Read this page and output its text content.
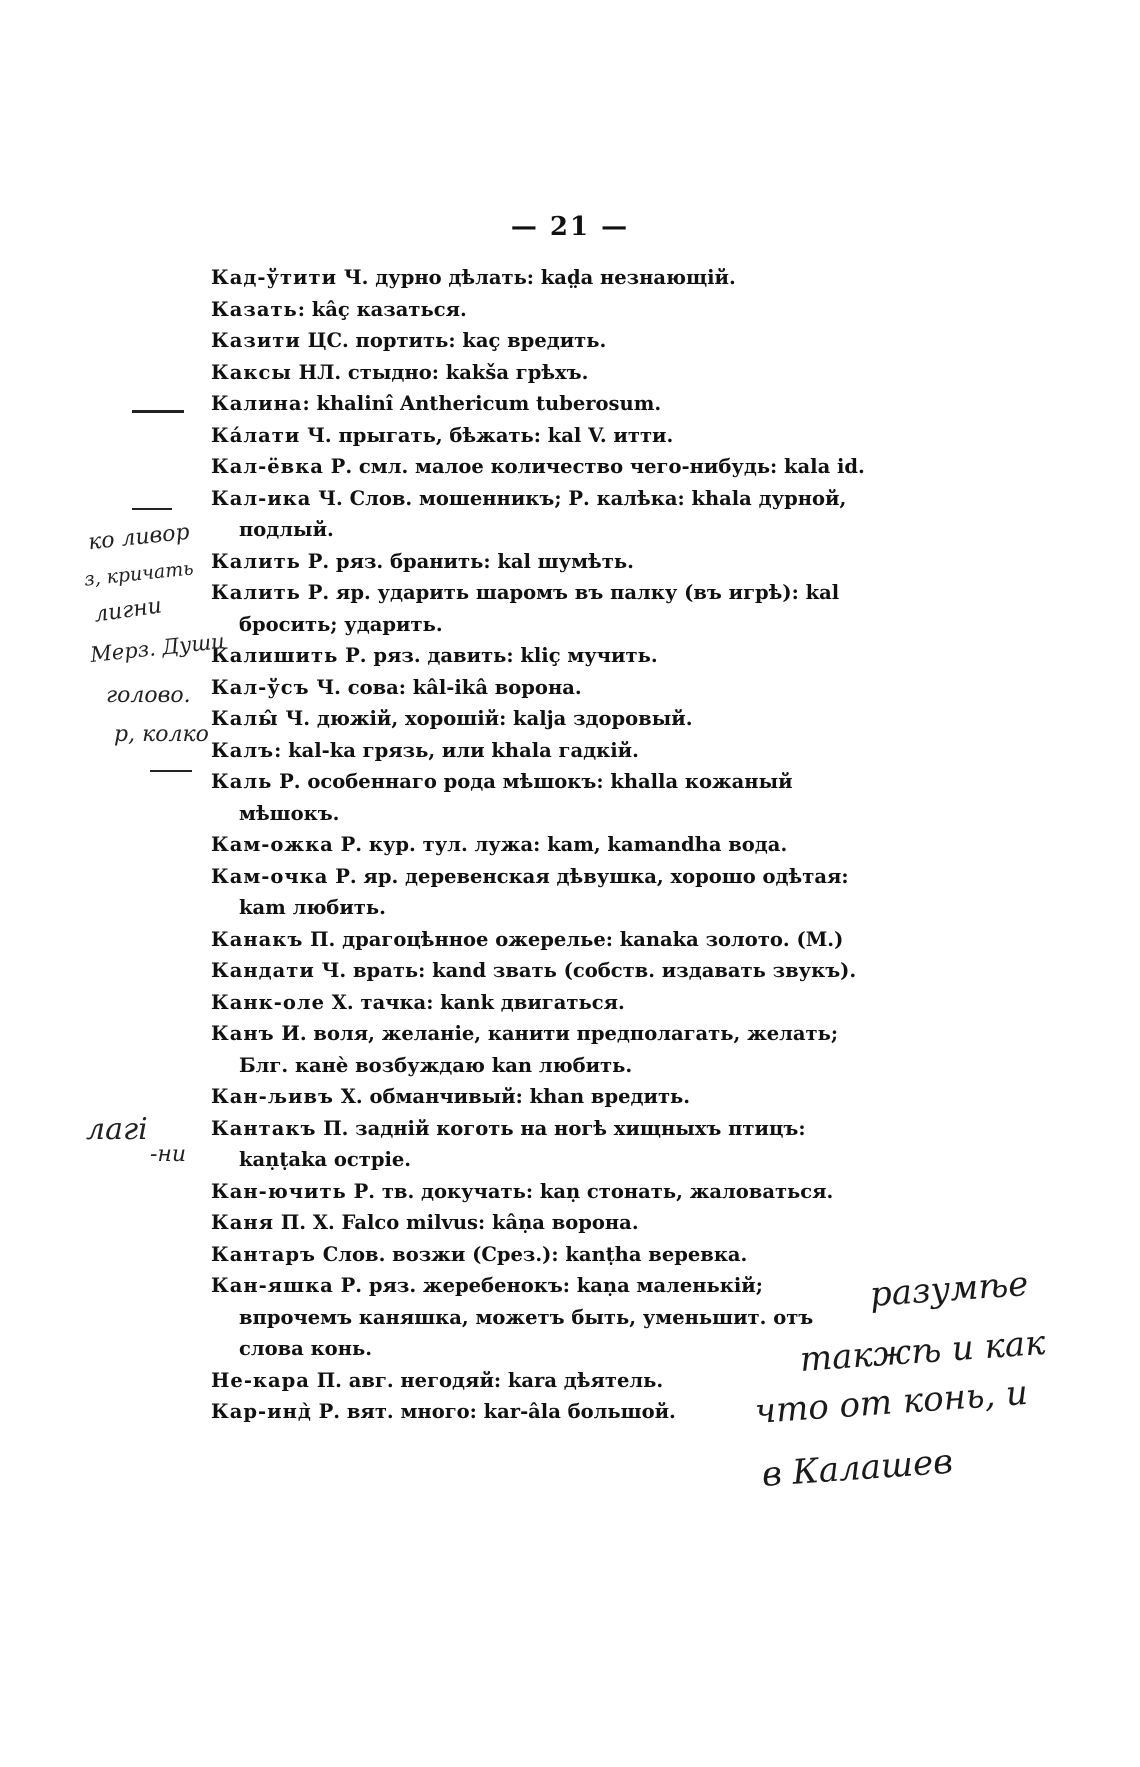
— 21 —
Кад-ўтити Ч. дурно дѣлать: kad̤a незнающій.
Казать: kâç казаться.
Казити ЦС. портить: kaç вредить.
Каксы НЛ. стыдно: kakša грѣхъ.
Калина: khalinî Anthericum tuberosum.
Ка́лати Ч. прыгать, бѣжать: kal V. итти.
Кал-ёвка Р. смл. малое количество чего-нибудь: kala id.
Кал-ика Ч. Слов. мошенникъ; Р. калѣка: khala дурной, подлый.
Калить Р. ряз. бранить: kal шумѣть.
Калить Р. яр. ударить шаромъ въ палку (въ игрѣ): kal бросить; ударить.
Калишить Р. ряз. давить: kliç мучить.
Кал-ўсъ Ч. сова: kâl-ikâ ворона.
Калы̂ Ч. дюжій, хорошій: kalja здоровый.
Калъ: kal-ka грязь, или khala гадкій.
Каль Р. особеннаго рода мѣшокъ: khalla кожаный мѣшокъ.
Кам-ожка Р. кур. тул. лужа: kam, kamandha вода.
Кам-очка Р. яр. деревенская дѣвушка, хорошо одѣтая: kam любить.
Канакъ П. драгоцѣнное ожерелье: kanaka золото. (М.)
Кандати Ч. врать: kand звать (собств. издавать звукъ).
Канк-оле Х. тачка: kank двигаться.
Канъ И. воля, желаніе, канити предполагать, желать; Блг. канѐ возбуждаю kan любить.
Кан-љивъ Х. обманчивый: khan вредить.
Кантакъ П. задній коготь на ногѣ хищныхъ птицъ: kaṇṭaka остріе.
Кан-ючить Р. тв. докучать: kaṇ стонать, жаловаться.
Каня П. Х. Falco milvus: kâṇa ворона.
Кантаръ Слов. возжи (Срез.): kanṭha веревка.
Кан-яшка Р. ряз. жеребенокъ: kaṇa маленькій; впрочемъ каняшка, можетъ быть, уменьшит. отъ слова конь.
Не-кара П. авг. негодяй: kara дѣятель.
Кар-инд̀ Р. вят. много: kar-âla большой.
ко ливор
з, кричать
лигни
Мерз. Души
голово.
р, колко
лагі
-ни
разумѣе
такжѣ и как
что от конь, и
в Калашев
